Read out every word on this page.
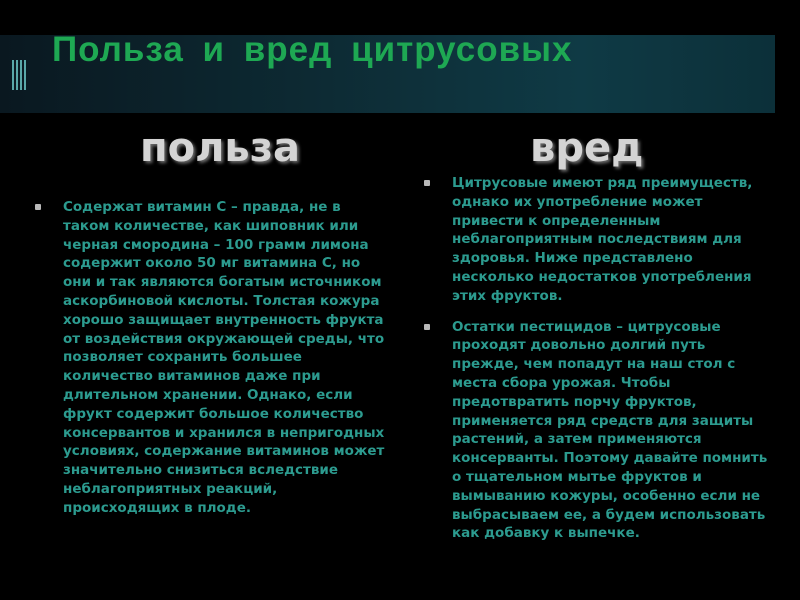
Польза и вред цитрусовых
польза	вред
Содержат витамин С – правда, не в таком количестве, как шиповник или черная смородина – 100 грамм лимона содержит около 50 мг витамина С, но они и так являются богатым источником аскорбиновой кислоты. Толстая кожура хорошо защищает внутренность фрукта от воздействия окружающей среды, что позволяет сохранить большее количество витаминов даже при длительном хранении. Однако, если фрукт содержит большое количество консервантов и хранился в непригодных условиях, содержание витаминов может значительно снизиться вследствие неблагоприятных реакций, происходящих в плоде.
Цитрусовые имеют ряд преимуществ, однако их употребление может привести к определенным неблагоприятным последствиям для здоровья. Ниже представлено несколько недостатков употребления этих фруктов.
Остатки пестицидов – цитрусовые проходят довольно долгий путь прежде, чем попадут на наш стол с места сбора урожая. Чтобы предотвратить порчу фруктов, применяется ряд средств для защиты растений, а затем применяются консерванты. Поэтому давайте помнить о тщательном мытье фруктов и вымыванию кожуры, особенно если не выбрасываем ее, а будем использовать как добавку к выпечке.
